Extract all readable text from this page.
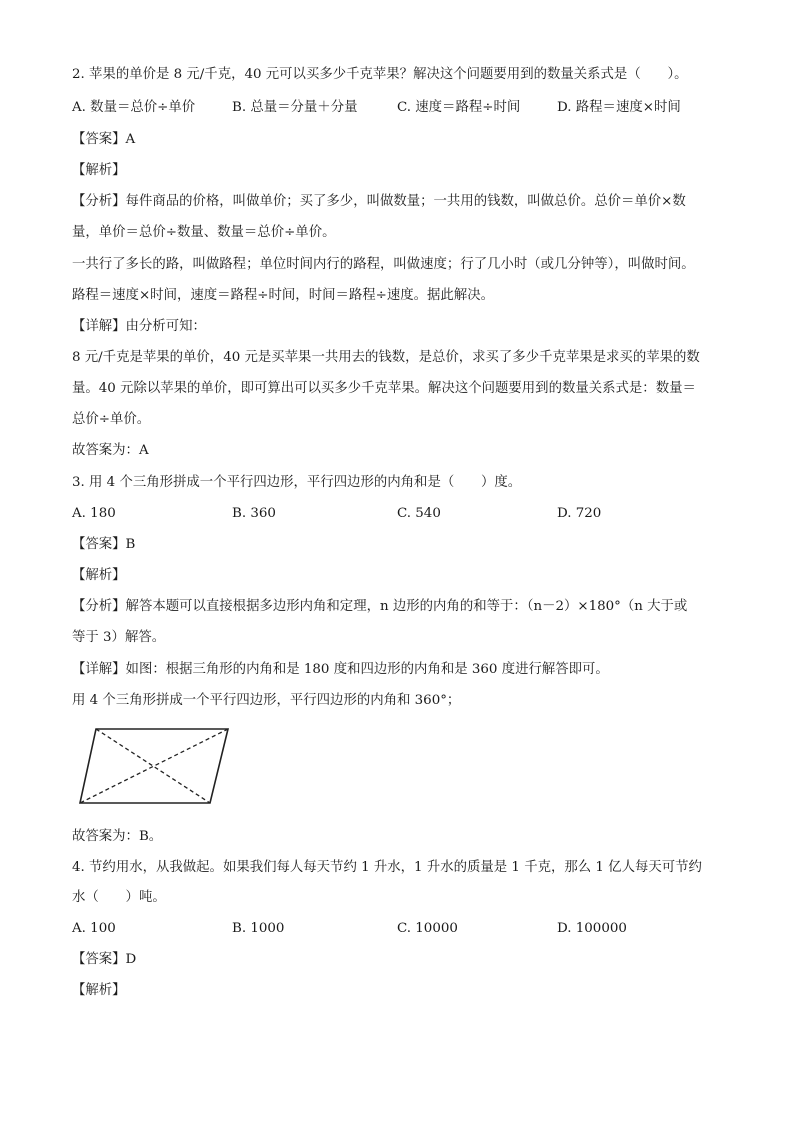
2. 苹果的单价是 8 元/千克，40 元可以买多少千克苹果？解决这个问题要用到的数量关系式是（　　）。
A. 数量＝总价÷单价	B. 总量＝分量＋分量	C. 速度＝路程÷时间	D. 路程＝速度×时间
【答案】A
【解析】
【分析】每件商品的价格，叫做单价；买了多少，叫做数量；一共用的钱数，叫做总价。总价＝单价×数
量，单价＝总价÷数量、数量＝总价÷单价。
一共行了多长的路，叫做路程；单位时间内行的路程，叫做速度；行了几小时（或几分钟等），叫做时间。
路程＝速度×时间，速度＝路程÷时间，时间＝路程÷速度。据此解决。
【详解】由分析可知：
8 元/千克是苹果的单价，40 元是买苹果一共用去的钱数，是总价，求买了多少千克苹果是求买的苹果的数
量。40 元除以苹果的单价，即可算出可以买多少千克苹果。解决这个问题要用到的数量关系式是：数量＝
总价÷单价。
故答案为：A
3. 用 4 个三角形拼成一个平行四边形，平行四边形的内角和是（　　）度。
A. 180	B. 360	C. 540	D. 720
【答案】B
【解析】
【分析】解答本题可以直接根据多边形内角和定理，n 边形的内角的和等于：（n－2）×180°（n 大于或
等于 3）解答。
【详解】如图：根据三角形的内角和是 180 度和四边形的内角和是 360 度进行解答即可。
用 4 个三角形拼成一个平行四边形，平行四边形的内角和 360°；
故答案为：B。
4. 节约用水，从我做起。如果我们每人每天节约 1 升水，1 升水的质量是 1 千克，那么 1 亿人每天可节约
水（　　）吨。
A. 100	B. 1000	C. 10000	D. 100000
【答案】D
【解析】
